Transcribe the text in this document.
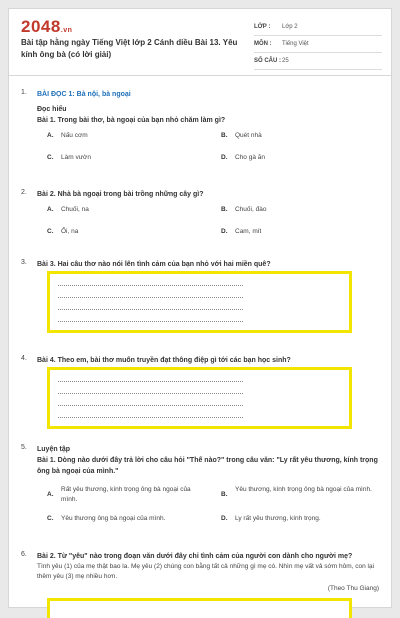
2048.vn
Bài tập hằng ngày Tiếng Việt lớp 2 Cánh diều Bài 13. Yêu kính ông bà (có lời giải)
LỚP :	Lớp 2
MÔN :	Tiếng Việt
SỐ CÂU : 25
1.	BÀI ĐỌC 1: Bà nội, bà ngoại
Đọc hiểu
Bài 1. Trong bài thơ, bà ngoại của bạn nhỏ chăm làm gì?
A. Nấu cơm	B. Quét nhà
C. Làm vườn	D. Cho gà ăn
2.	Bài 2. Nhà bà ngoại trong bài trồng những cây gì?
A. Chuối, na	B. Chuối, đào
C. Ổi, na	D. Cam, mít
3.	Bài 3. Hai câu thơ nào nói lên tình cảm của bạn nhỏ với hai miền quê?
4.	Bài 4. Theo em, bài thơ muốn truyền đạt thông điệp gì tới các bạn học sinh?
5.	Luyện tập
Bài 1. Dòng nào dưới đây trả lời cho câu hỏi "Thế nào?" trong câu văn: "Ly rất yêu thương, kính trọng ông bà ngoại của mình."
A.
Rất yêu thương, kính trọng ông bà ngoại của mình.
B.
Yêu thương, kính trọng ông bà ngoại của mình.
C. Yêu thương ông bà ngoại của mình.	D. Ly rất yêu thương, kính trọng.
6.	Bài 2. Từ "yêu" nào trong đoạn văn dưới đây chỉ tình cảm của người con dành cho người mẹ?
Tình yêu (1) của mẹ thật bao la. Mẹ yêu (2) chúng con bằng tất cả những gì mẹ có. Nhìn mẹ vất vả sớm hôm, con lại thêm yêu (3) mẹ nhiều hơn.
(Theo Thu Giang)
